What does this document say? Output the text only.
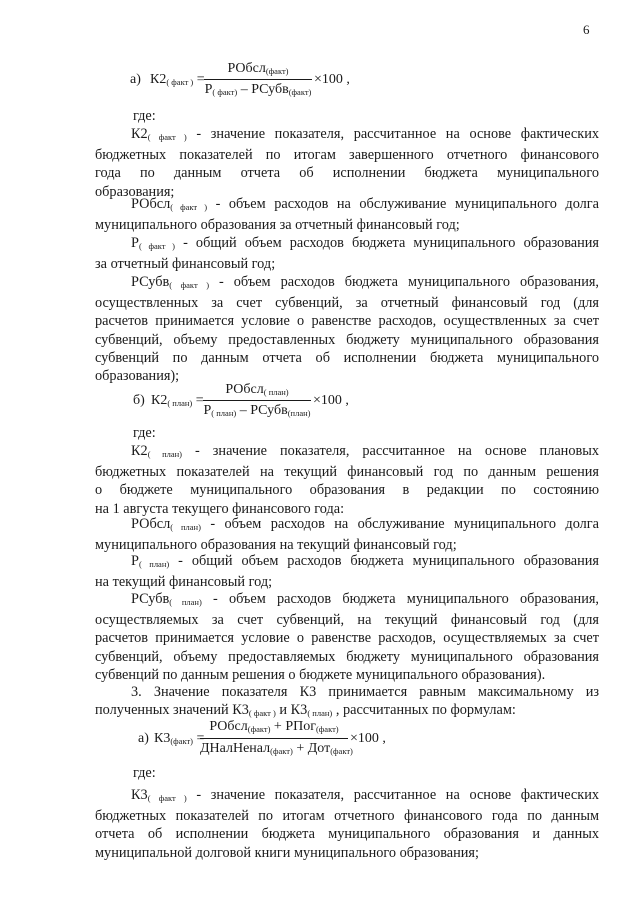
6
а) $К2_{( факт )}$ =
РОбсл$_{(факт)}$
$Р_{( факт)}$ – РСубв$_{(факт)}$
×100 ,
где:
$К2_{( факт )}$ - значение показателя, рассчитанное на основе фактических
бюджетных показателей по итогам завершенного отчетного финансового
года по данным отчета об исполнении бюджета муниципального
образования;
РОбсл$_{( факт )}$ - объем расходов на обслуживание муниципального долга
муниципального образования за отчетный финансовый год;
$Р_{( факт )}$ - общий объем расходов бюджета муниципального образования
за отчетный финансовый год;
РСубв$_{( факт )}$ - объем расходов бюджета муниципального образования,
осуществленных за счет субвенций, за отчетный финансовый год (для
расчетов принимается условие о равенстве расходов, осуществленных за счет
субвенций, объему предоставленных бюджету муниципального образования
субвенций по данным отчета об исполнении бюджета муниципального
образования);
б) $К2_{( план)}$ =
РОбсл$_{( план)}$
$Р_{( план)}$ – РСубв$_{(план)}$
×100 ,
где:
$К2_{( план)}$ - значение показателя, рассчитанное на основе плановых
бюджетных показателей на текущий финансовый год по данным решения
о бюджете муниципального образования в редакции по состоянию
на 1 августа текущего финансового года:
РОбсл$_{( план)}$ - объем расходов на обслуживание муниципального долга
муниципального образования на текущий финансовый год;
$Р_{( план)}$ - общий объем расходов бюджета муниципального образования
на текущий финансовый год;
РСубв$_{( план)}$ - объем расходов бюджета муниципального образования,
осуществляемых за счет субвенций, на текущий финансовый год (для
расчетов принимается условие о равенстве расходов, осуществляемых за счет
субвенций, объему предоставляемых бюджету муниципального образования
субвенций по данным решения о бюджете муниципального образования).
3. Значение показателя К3 принимается равным максимальному из
полученных значений $К3_{( факт )}$ и $К3_{( план)}$ , рассчитанных по формулам:
а) $К3_{(факт)}$ =
РОбсл$_{(факт)}$ + РПог$_{(факт)}$
ДНалНенал$_{(факт)}$ + Дот$_{(факт)}$
×100 ,
где:
$К3_{( факт )}$ - значение показателя, рассчитанное на основе фактических
бюджетных показателей по итогам отчетного финансового года по данным
отчета об исполнении бюджета муниципального образования и данных
муниципальной долговой книги муниципального образования;
